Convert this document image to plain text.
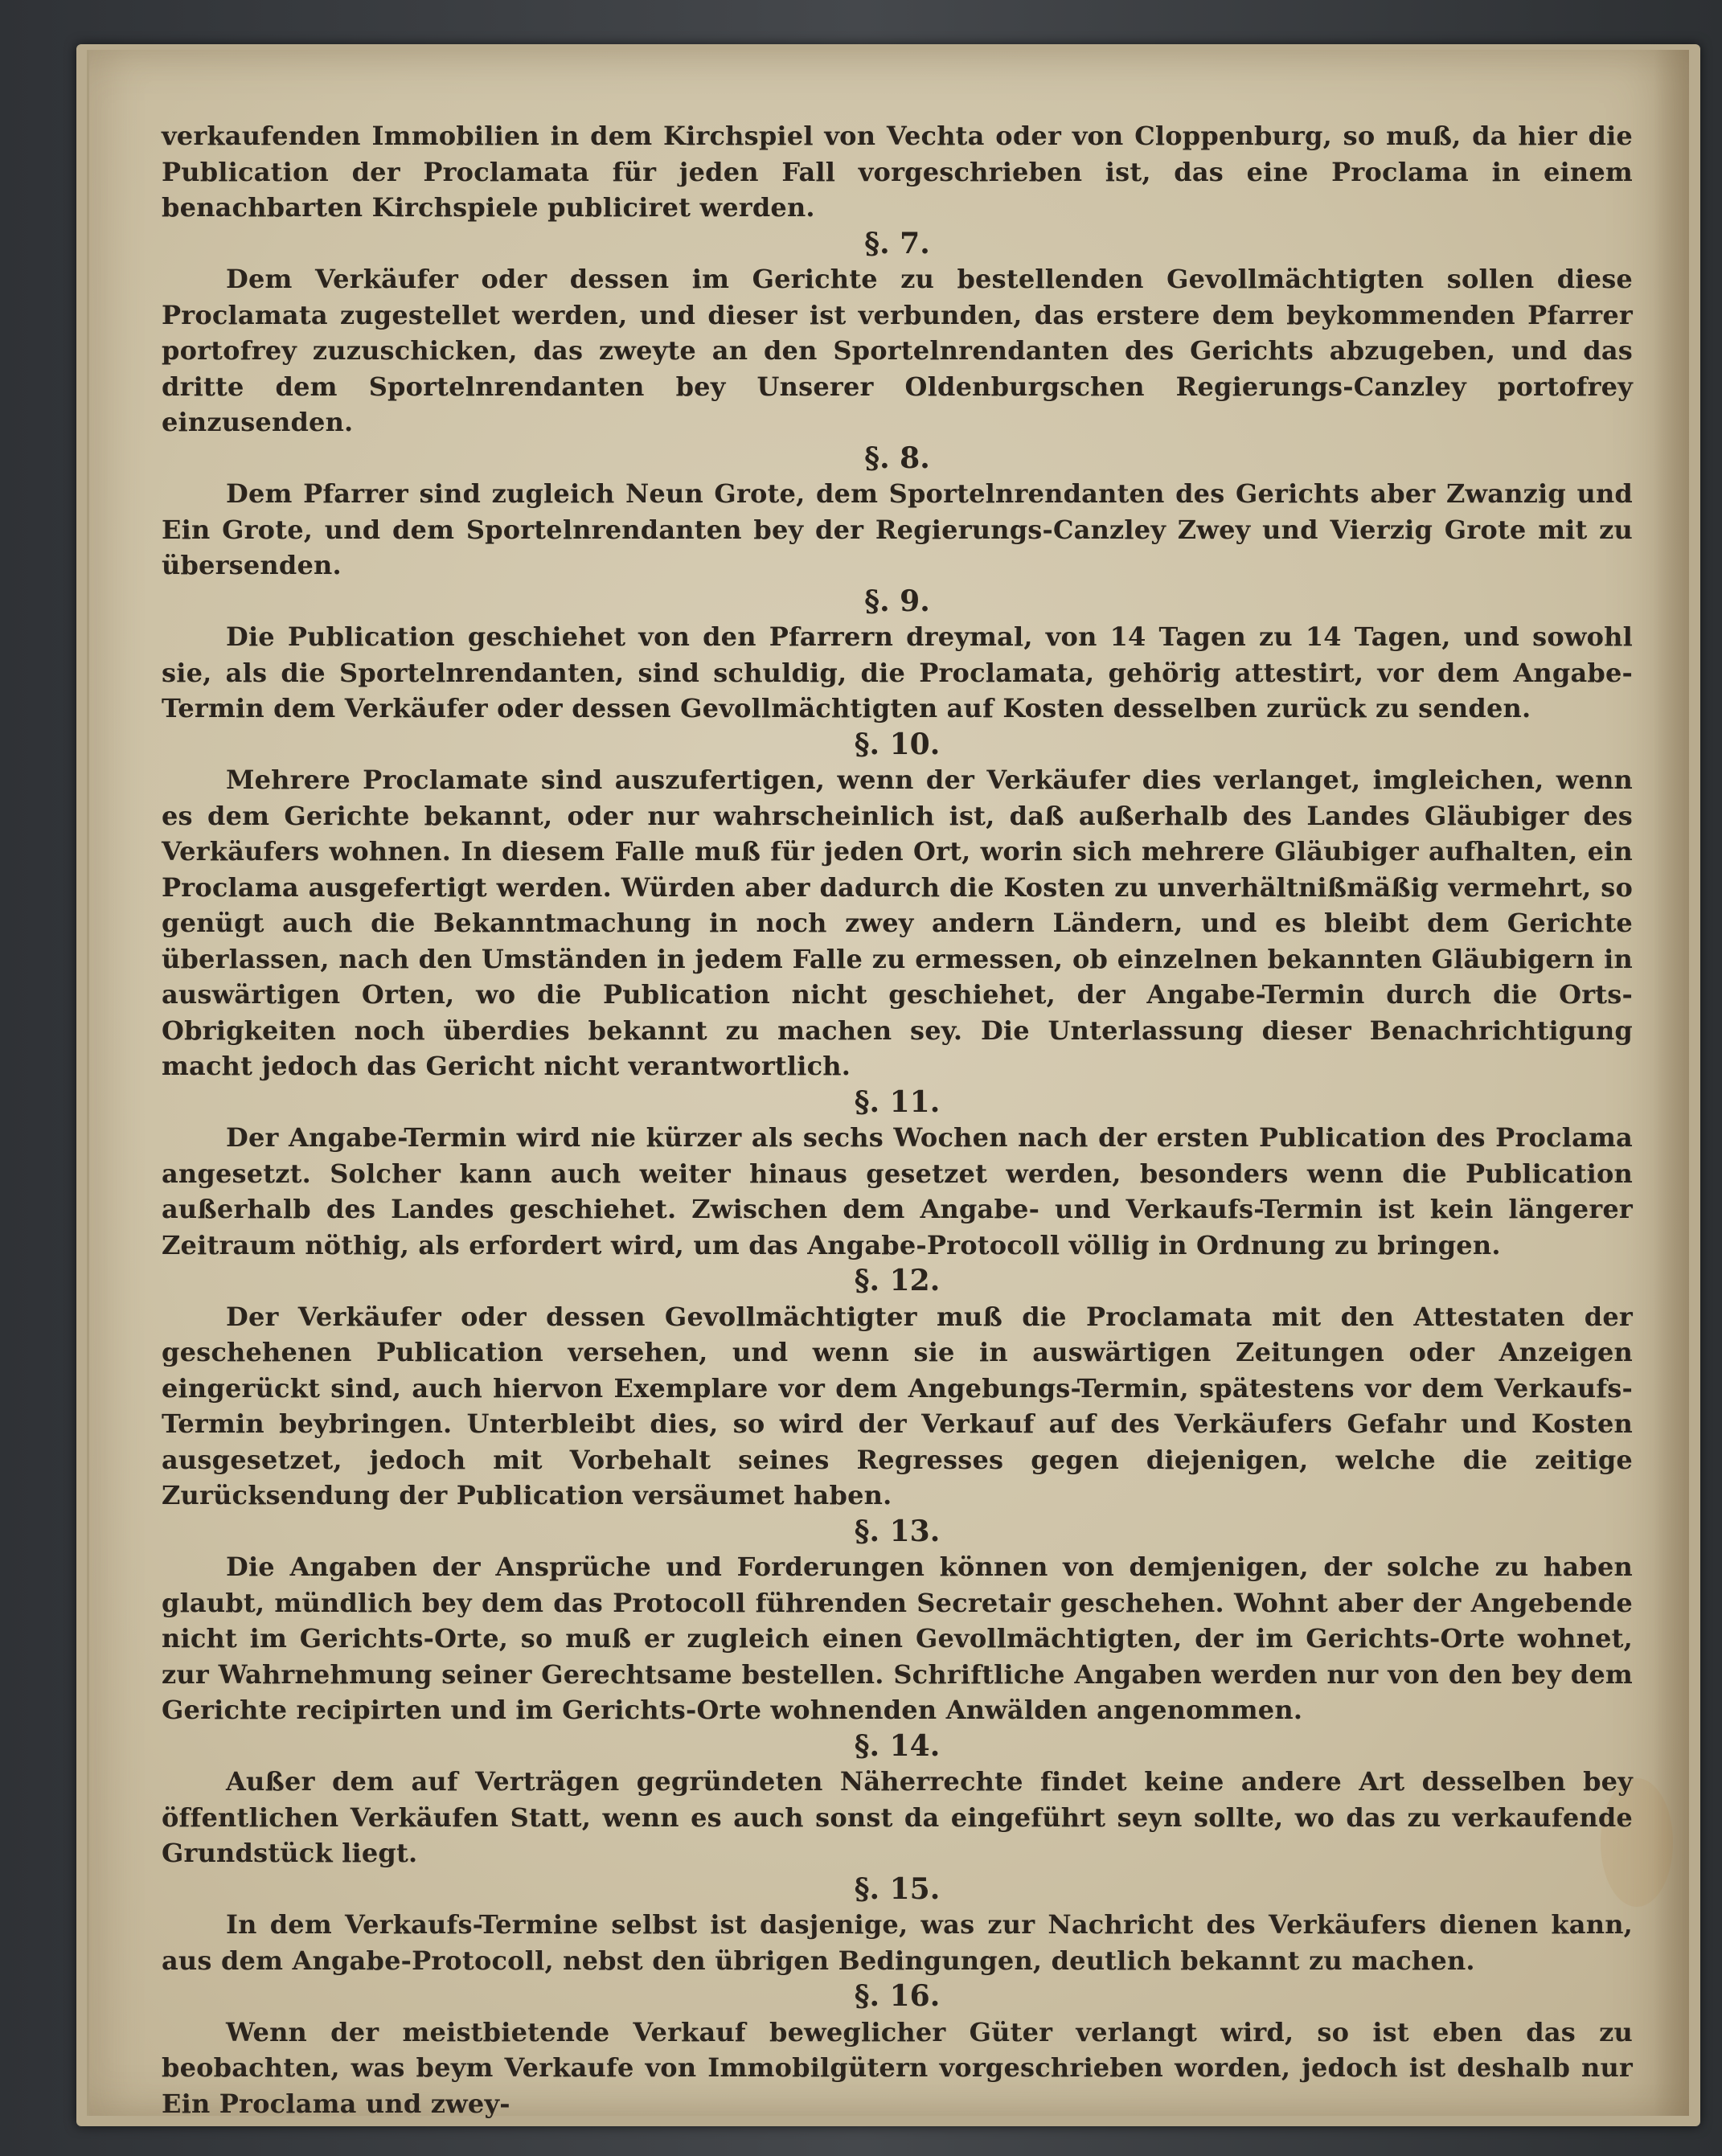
verkaufenden Immobilien in dem Kirchspiel von Vechta oder von Cloppenburg, so muß, da hier die Publication der Proclamata für jeden Fall vorgeschrieben ist, das eine Proclama in einem benachbarten Kirchspiele publiciret werden.

§. 7.

Dem Verkäufer oder dessen im Gerichte zu bestellenden Gevollmächtigten sollen diese Proclamata zugestellet werden, und dieser ist verbunden, das erstere dem beykommenden Pfarrer portofrey zuzuschicken, das zweyte an den Sportelnrendanten des Gerichts abzugeben, und das dritte dem Sportelnrendanten bey Unserer Oldenburgschen Regierungs-Canzley portofrey einzusenden.

§. 8.

Dem Pfarrer sind zugleich Neun Grote, dem Sportelnrendanten des Gerichts aber Zwanzig und Ein Grote, und dem Sportelnrendanten bey der Regierungs-Canzley Zwey und Vierzig Grote mit zu übersenden.

§. 9.

Die Publication geschiehet von den Pfarrern dreymal, von 14 Tagen zu 14 Tagen, und sowohl sie, als die Sportelnrendanten, sind schuldig, die Proclamata, gehörig attestirt, vor dem Angabe-Termin dem Verkäufer oder dessen Gevollmächtigten auf Kosten desselben zurück zu senden.

§. 10.

Mehrere Proclamate sind auszufertigen, wenn der Verkäufer dies verlanget, imgleichen, wenn es dem Gerichte bekannt, oder nur wahrscheinlich ist, daß außerhalb des Landes Gläubiger des Verkäufers wohnen. In diesem Falle muß für jeden Ort, worin sich mehrere Gläubiger aufhalten, ein Proclama ausgefertigt werden. Würden aber dadurch die Kosten zu unverhältnißmäßig vermehrt, so genügt auch die Bekanntmachung in noch zwey andern Ländern, und es bleibt dem Gerichte überlassen, nach den Umständen in jedem Falle zu ermessen, ob einzelnen bekannten Gläubigern in auswärtigen Orten, wo die Publication nicht geschiehet, der Angabe-Termin durch die Orts-Obrigkeiten noch überdies bekannt zu machen sey. Die Unterlassung dieser Benachrichtigung macht jedoch das Gericht nicht verantwortlich.

§. 11.

Der Angabe-Termin wird nie kürzer als sechs Wochen nach der ersten Publication des Proclama angesetzt. Solcher kann auch weiter hinaus gesetzet werden, besonders wenn die Publication außerhalb des Landes geschiehet. Zwischen dem Angabe- und Verkaufs-Termin ist kein längerer Zeitraum nöthig, als erfordert wird, um das Angabe-Protocoll völlig in Ordnung zu bringen.

§. 12.

Der Verkäufer oder dessen Gevollmächtigter muß die Proclamata mit den Attestaten der geschehenen Publication versehen, und wenn sie in auswärtigen Zeitungen oder Anzeigen eingerückt sind, auch hiervon Exemplare vor dem Angebungs-Termin, spätestens vor dem Verkaufs-Termin beybringen. Unterbleibt dies, so wird der Verkauf auf des Verkäufers Gefahr und Kosten ausgesetzet, jedoch mit Vorbehalt seines Regresses gegen diejenigen, welche die zeitige Zurücksendung der Publication versäumet haben.

§. 13.

Die Angaben der Ansprüche und Forderungen können von demjenigen, der solche zu haben glaubt, mündlich bey dem das Protocoll führenden Secretair geschehen. Wohnt aber der Angebende nicht im Gerichts-Orte, so muß er zugleich einen Gevollmächtigten, der im Gerichts-Orte wohnet, zur Wahrnehmung seiner Gerechtsame bestellen. Schriftliche Angaben werden nur von den bey dem Gerichte recipirten und im Gerichts-Orte wohnenden Anwälden angenommen.

§. 14.

Außer dem auf Verträgen gegründeten Näherrechte findet keine andere Art desselben bey öffentlichen Verkäufen Statt, wenn es auch sonst da eingeführt seyn sollte, wo das zu verkaufende Grundstück liegt.

§. 15.

In dem Verkaufs-Termine selbst ist dasjenige, was zur Nachricht des Verkäufers dienen kann, aus dem Angabe-Protocoll, nebst den übrigen Bedingungen, deutlich bekannt zu machen.

§. 16.

Wenn der meistbietende Verkauf beweglicher Güter verlangt wird, so ist eben das zu beobachten, was beym Verkaufe von Immobilgütern vorgeschrieben worden, jedoch ist deshalb nur Ein Proclama und zwey-
